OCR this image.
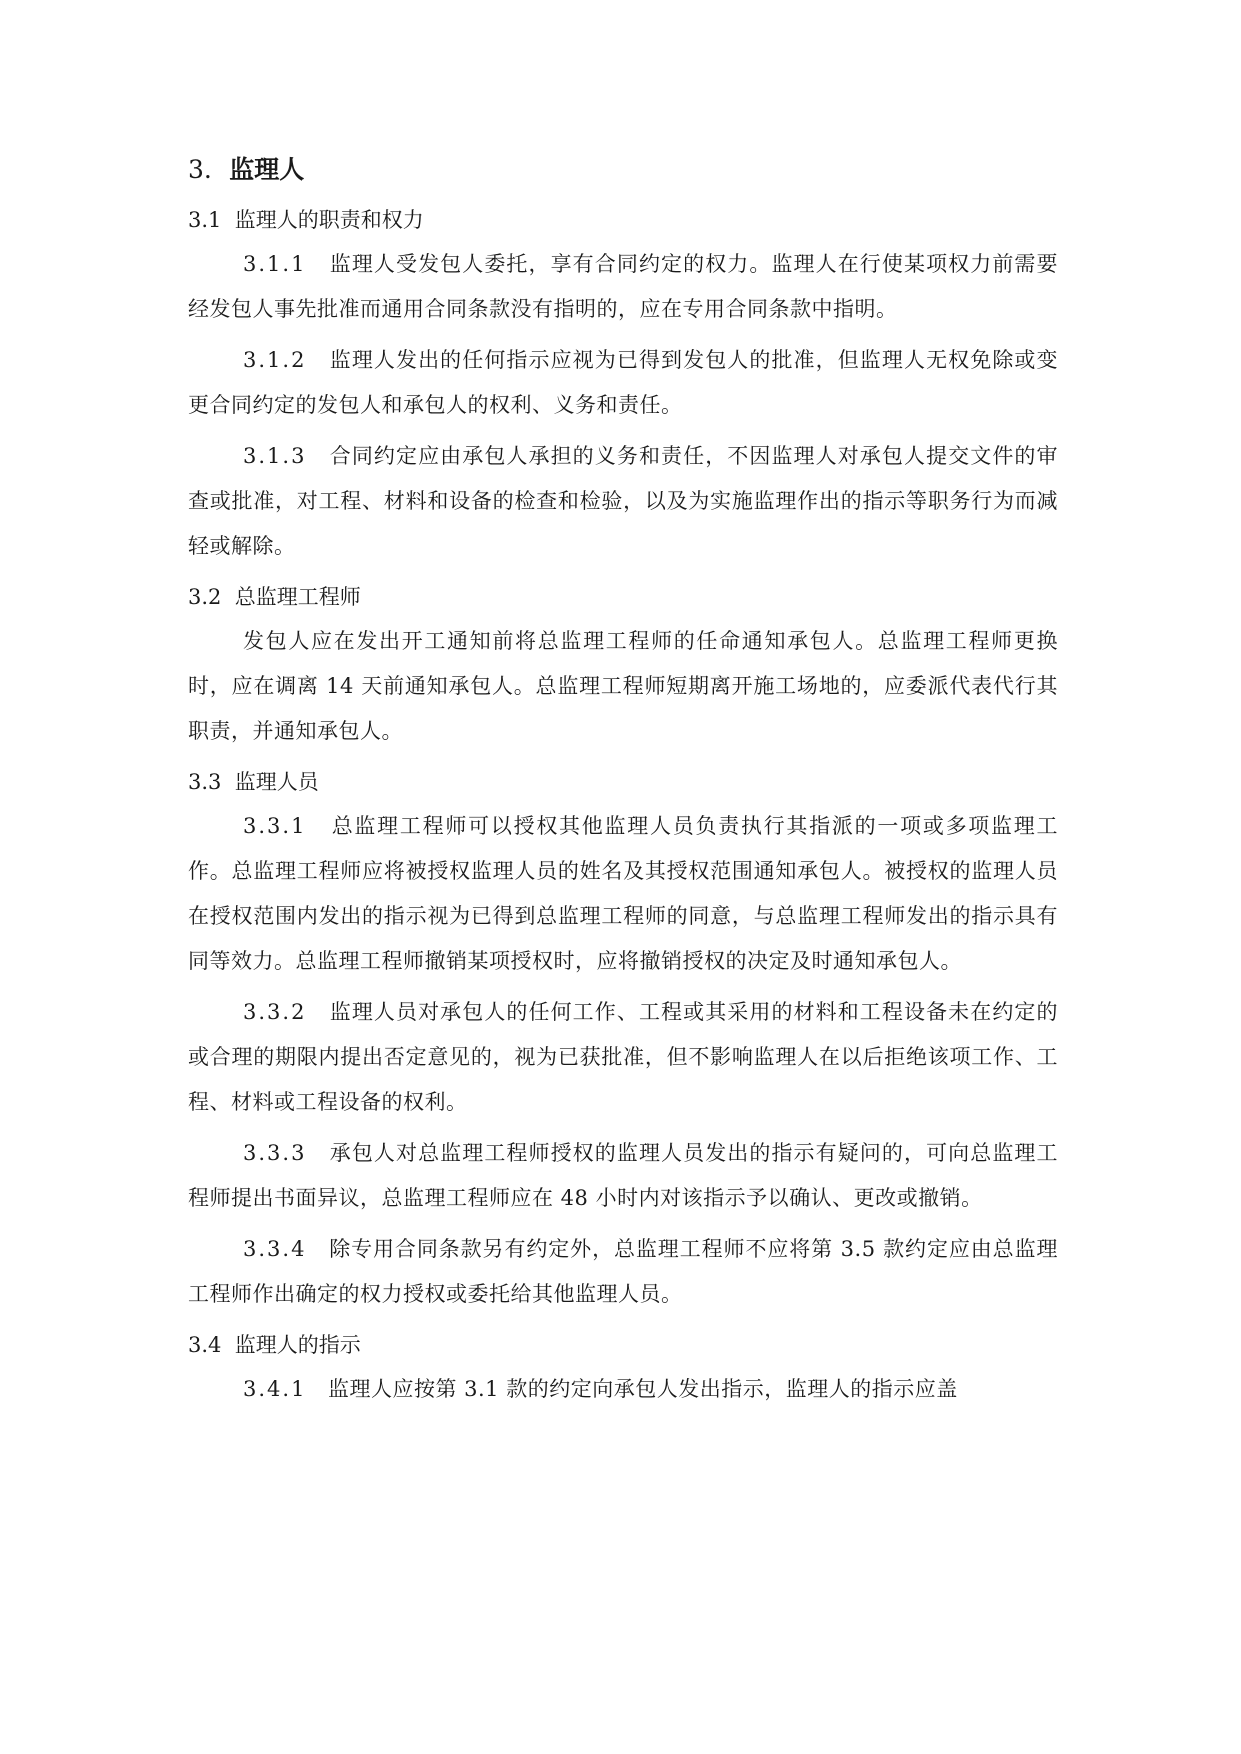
3. 监理人

3.1 监理人的职责和权力

3.1.1 监理人受发包人委托，享有合同约定的权力。监理人在行使某项权力前需要经发包人事先批准而通用合同条款没有指明的，应在专用合同条款中指明。

3.1.2 监理人发出的任何指示应视为已得到发包人的批准，但监理人无权免除或变更合同约定的发包人和承包人的权利、义务和责任。

3.1.3 合同约定应由承包人承担的义务和责任，不因监理人对承包人提交文件的审查或批准，对工程、材料和设备的检查和检验，以及为实施监理作出的指示等职务行为而减轻或解除。

3.2 总监理工程师

发包人应在发出开工通知前将总监理工程师的任命通知承包人。总监理工程师更换时，应在调离 14 天前通知承包人。总监理工程师短期离开施工场地的，应委派代表代行其职责，并通知承包人。

3.3 监理人员

3.3.1 总监理工程师可以授权其他监理人员负责执行其指派的一项或多项监理工作。总监理工程师应将被授权监理人员的姓名及其授权范围通知承包人。被授权的监理人员在授权范围内发出的指示视为已得到总监理工程师的同意，与总监理工程师发出的指示具有同等效力。总监理工程师撤销某项授权时，应将撤销授权的决定及时通知承包人。

3.3.2 监理人员对承包人的任何工作、工程或其采用的材料和工程设备未在约定的或合理的期限内提出否定意见的，视为已获批准，但不影响监理人在以后拒绝该项工作、工程、材料或工程设备的权利。

3.3.3 承包人对总监理工程师授权的监理人员发出的指示有疑问的，可向总监理工程师提出书面异议，总监理工程师应在 48 小时内对该指示予以确认、更改或撤销。

3.3.4 除专用合同条款另有约定外，总监理工程师不应将第 3.5 款约定应由总监理工程师作出确定的权力授权或委托给其他监理人员。

3.4 监理人的指示

3.4.1 监理人应按第 3.1 款的约定向承包人发出指示，监理人的指示应盖
